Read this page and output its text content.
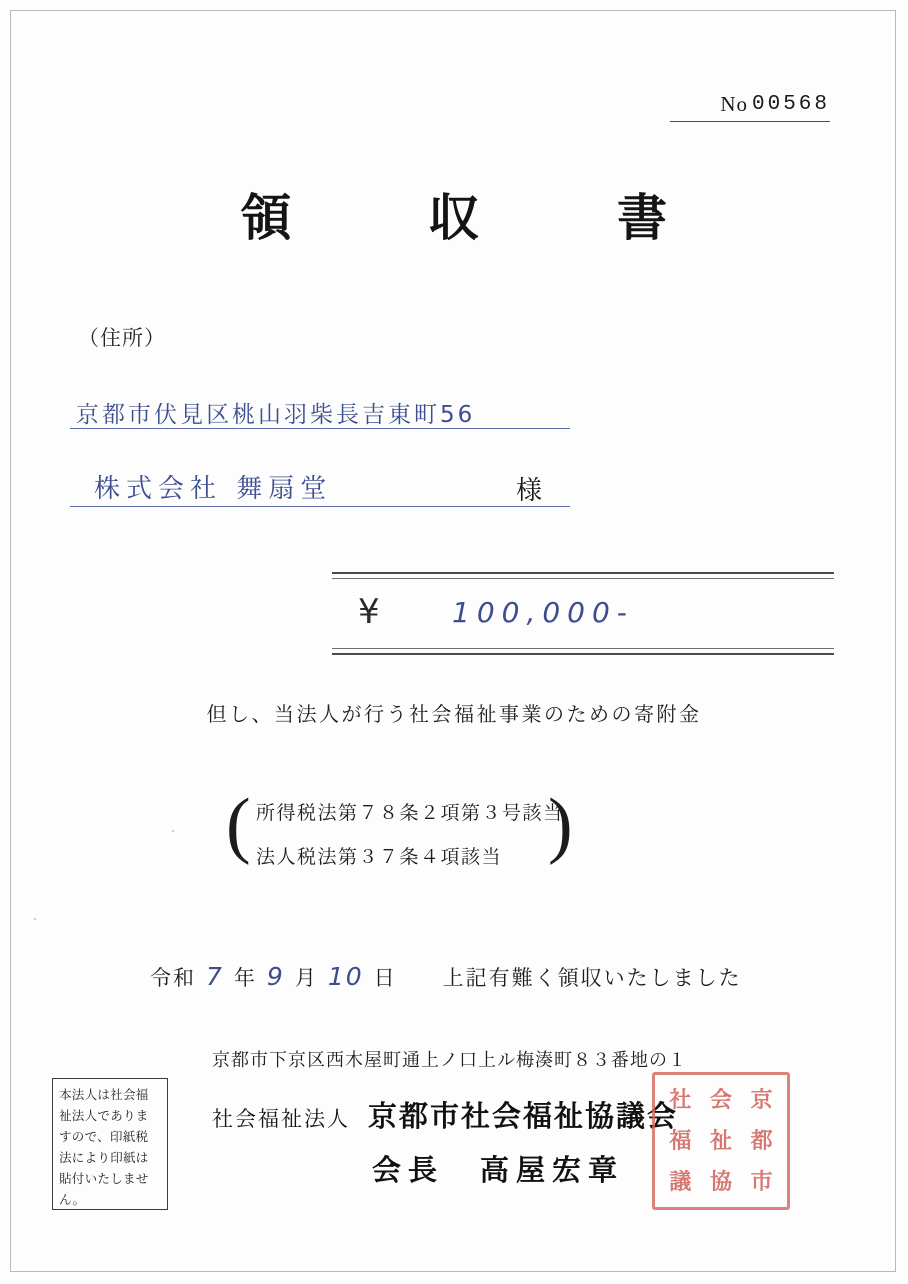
No 00568
領　収　書
（住所）
京都市伏見区桃山羽柴長吉東町56
株式会社 舞扇堂	様
¥	100,000-
但し、当法人が行う社会福祉事業のための寄附金
(	)
所得税法第７８条２項第３号該当
法人税法第３７条４項該当
令和 7 年 9 月 10 日 上記有難く領収いたしました
京都市下京区西木屋町通上ノ口上ル梅湊町８３番地の１
社会福祉法人 京都市社会福祉協議会
会長　高屋宏章
本法人は社会福祉法人でありますので、印紙税法により印紙は貼付いたしません。
社 会 京
福 祉 都
議 協 市
